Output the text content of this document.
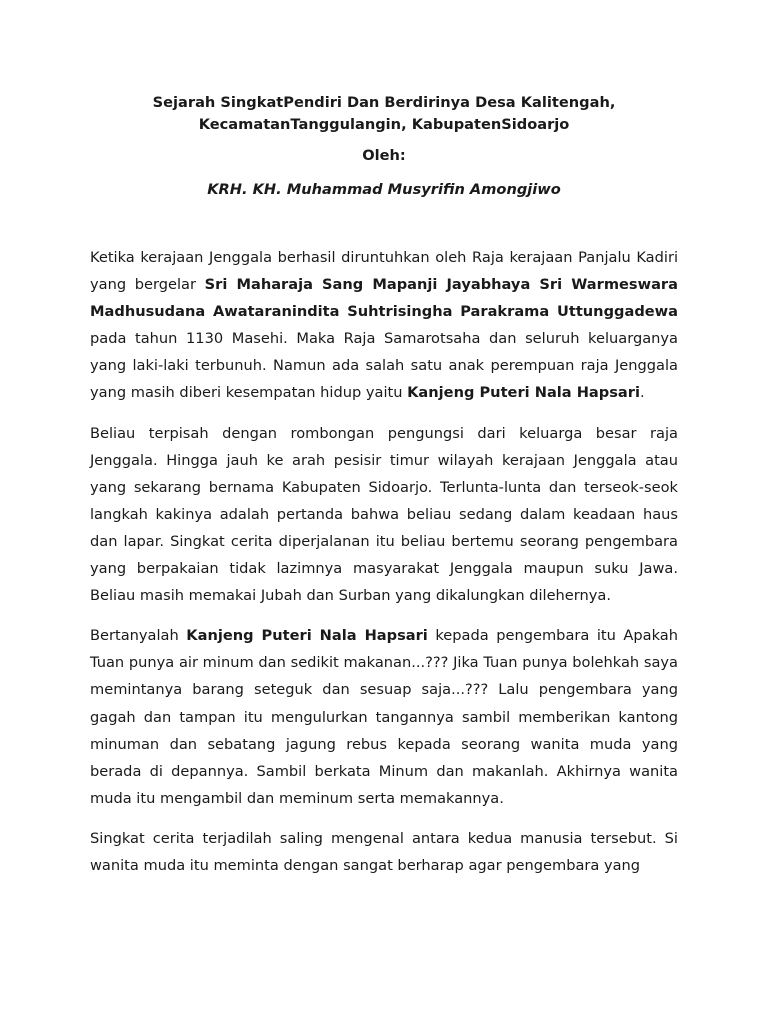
Sejarah SingkatPendiri Dan Berdirinya Desa Kalitengah,
KecamatanTanggulangin, KabupatenSidoarjo
Oleh:
KRH. KH. Muhammad Musyrifin Amongjiwo

Ketika kerajaan Jenggala berhasil diruntuhkan oleh Raja kerajaan Panjalu Kadiri yang bergelar Sri Maharaja Sang Mapanji Jayabhaya Sri Warmeswara Madhusudana Awataranindita Suhtrisingha Parakrama Uttunggadewa pada tahun 1130 Masehi. Maka Raja Samarotsaha dan seluruh keluarganya yang laki-laki terbunuh. Namun ada salah satu anak perempuan raja Jenggala yang masih diberi kesempatan hidup yaitu Kanjeng Puteri Nala Hapsari.

Beliau terpisah dengan rombongan pengungsi dari keluarga besar raja Jenggala. Hingga jauh ke arah pesisir timur wilayah kerajaan Jenggala atau yang sekarang bernama Kabupaten Sidoarjo. Terlunta-lunta dan terseok-seok langkah kakinya adalah pertanda bahwa beliau sedang dalam keadaan haus dan lapar. Singkat cerita diperjalanan itu beliau bertemu seorang pengembara yang berpakaian tidak lazimnya masyarakat Jenggala maupun suku Jawa. Beliau masih memakai Jubah dan Surban yang dikalungkan dilehernya.

Bertanyalah Kanjeng Puteri Nala Hapsari kepada pengembara itu Apakah Tuan punya air minum dan sedikit makanan...??? Jika Tuan punya bolehkah saya memintanya barang seteguk dan sesuap saja...??? Lalu pengembara yang gagah dan tampan itu mengulurkan tangannya sambil memberikan kantong minuman dan sebatang jagung rebus kepada seorang wanita muda yang berada di depannya. Sambil berkata Minum dan makanlah. Akhirnya wanita muda itu mengambil dan meminum serta memakannya.

Singkat cerita terjadilah saling mengenal antara kedua manusia tersebut. Si wanita muda itu meminta dengan sangat berharap agar pengembara yang
